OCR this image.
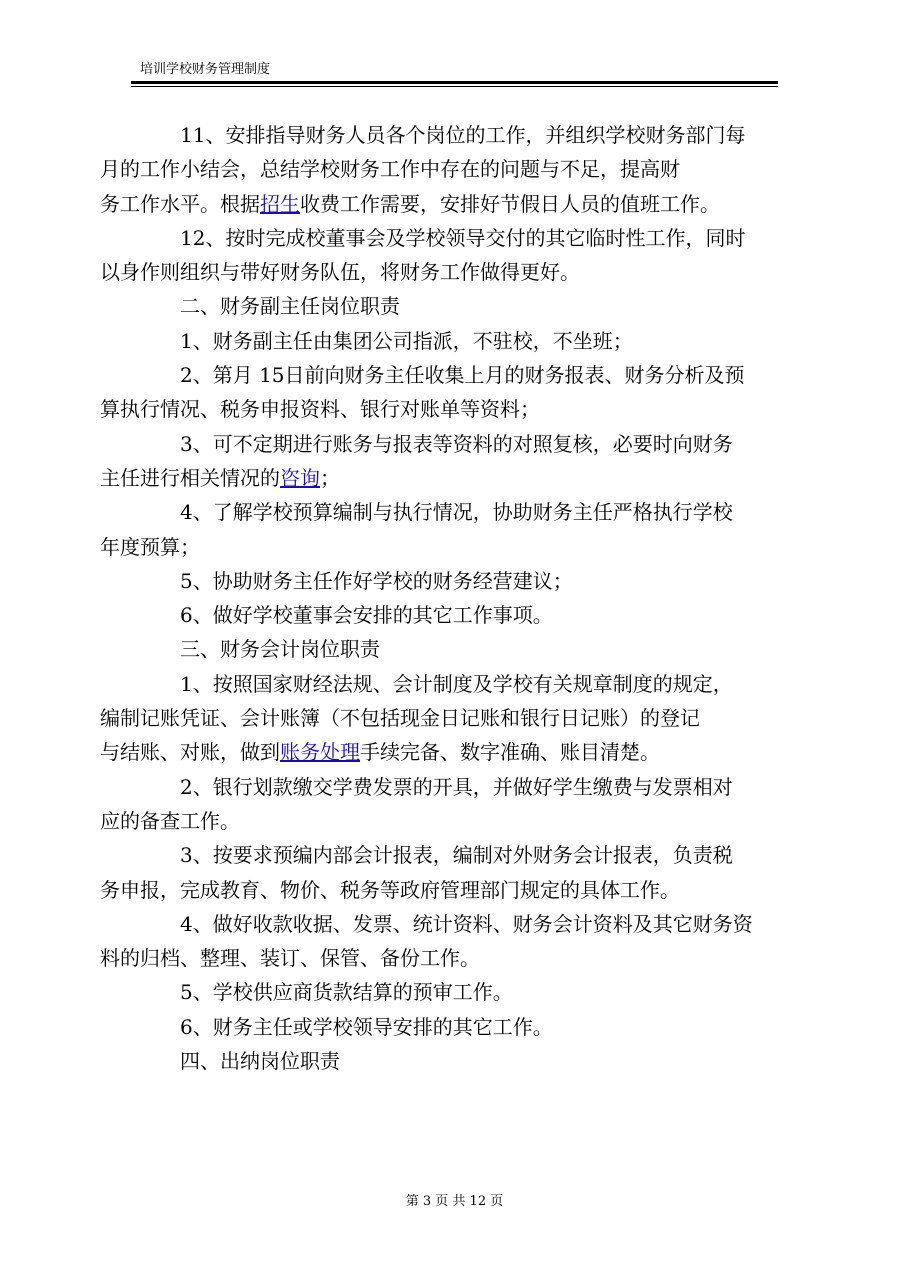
培训学校财务管理制度

11、安排指导财务人员各个岗位的工作，并组织学校财务部门每
月的工作小结会，总结学校财务工作中存在的问题与不足，提高财
务工作水平。根据招生收费工作需要，安排好节假日人员的值班工作。

12、按时完成校董事会及学校领导交付的其它临时性工作，同时
以身作则组织与带好财务队伍，将财务工作做得更好。

二、财务副主任岗位职责

1、财务副主任由集团公司指派，不驻校，不坐班；

2、第月 15日前向财务主任收集上月的财务报表、财务分析及预
算执行情况、税务申报资料、银行对账单等资料；

3、可不定期进行账务与报表等资料的对照复核，必要时向财务
主任进行相关情况的咨询；

4、了解学校预算编制与执行情况，协助财务主任严格执行学校
年度预算；

5、协助财务主任作好学校的财务经营建议；

6、做好学校董事会安排的其它工作事项。

三、财务会计岗位职责

1、按照国家财经法规、会计制度及学校有关规章制度的规定，
编制记账凭证、会计账簿（不包括现金日记账和银行日记账）的登记
与结账、对账，做到账务处理手续完备、数字准确、账目清楚。

2、银行划款缴交学费发票的开具，并做好学生缴费与发票相对
应的备查工作。

3、按要求预编内部会计报表，编制对外财务会计报表，负责税
务申报，完成教育、物价、税务等政府管理部门规定的具体工作。

4、做好收款收据、发票、统计资料、财务会计资料及其它财务资
料的归档、整理、装订、保管、备份工作。

5、学校供应商货款结算的预审工作。

6、财务主任或学校领导安排的其它工作。

四、出纳岗位职责

第 3 页 共 12 页
